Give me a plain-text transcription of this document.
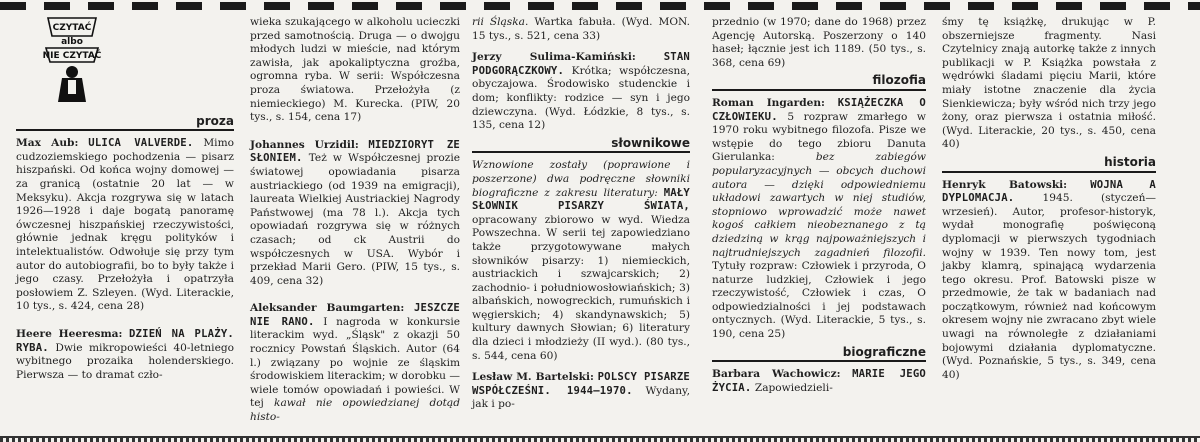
CZYTAĆ
albo
NIE CZYTAĆ
proza

Max Aub: ULICA VALVERDE. Mimo cudzoziemskiego pochodzenia — pisarz hiszpański. Od końca wojny domowej — za granicą (ostatnie 20 lat — w Meksyku). Akcja rozgrywa się w latach 1926—1928 i daje bogatą panoramę ówczesnej hiszpańskiej rzeczywistości, głównie jednak kręgu polityków i intelektualistów. Odwołuje się przy tym autor do autobiografii, bo to były także i jego czasy. Przełożyła i opatrzyła posłowiem Z. Szleyen. (Wyd. Literackie, 10 tys., s. 424, cena 28)

Heere Heeresma: DZIEŃ NA PLAŻY. RYBA. Dwie mikropowieści 40-letniego wybitnego prozaika holenderskiego. Pierwsza — to dramat czło-

wieka szukającego w alkoholu ucieczki przed samotnością. Druga — o dwojgu młodych ludzi w mieście, nad którym zawisła, jak apokaliptyczna groźba, ogromna ryba. W serii: Współczesna proza światowa. Przełożyła (z niemieckiego) M. Kurecka. (PIW, 20 tys., s. 154, cena 17)

Johannes Urzidil: MIEDZIORYT ZE SŁONIEM. Też w Współczesnej prozie światowej opowiadania pisarza austriackiego (od 1939 na emigracji), laureata Wielkiej Austriackiej Nagrody Państwowej (ma 78 l.). Akcja tych opowiadań rozgrywa się w różnych czasach; od ck Austrii do współczesnych w USA. Wybór i przekład Marii Gero. (PIW, 15 tys., s. 409, cena 32)

Aleksander Baumgarten: JESZCZE NIE RANO. I nagroda w konkursie literackim wyd. „Śląsk" z okazji 50 rocznicy Powstań Śląskich. Autor (64 l.) związany po wojnie ze śląskim środowiskiem literackim; w dorobku — wiele tomów opowiadań i powieści. W tej kawał nie opowiedzianej dotąd histo-

rii Śląska. Wartka fabuła. (Wyd. MON. 15 tys., s. 521, cena 33)

Jerzy Sulima-Kamiński:	STAN PODGORĄCZKOWY. Krótka; współczesna, obyczajowa. Środowisko studenckie i dom; konflikty: rodzice — syn i jego dziewczyna. (Wyd. Łódzkie, 8 tys., s. 135, cena 12)

słownikowe

Wznowione zostały (poprawione i poszerzone) dwa podręczne słowniki biograficzne z zakresu literatury: MAŁY SŁOWNIK PISARZY ŚWIATA, opracowany zbiorowo w wyd. Wiedza Powszechna. W serii tej zapowiedziano także przygotowywane małych słowników pisarzy: 1) niemieckich, austriackich i szwajcarskich; 2) zachodnio- i południowosłowiańskich; 3) albańskich, nowogreckich, rumuńskich i węgierskich; 4) skandynawskich; 5) kultury dawnych Słowian; 6) literatury dla dzieci i młodzieży (II wyd.). (80 tys., s. 544, cena 60)

Lesław M. Bartelski: POLSCY PISARZE WSPÓŁCZEŚNI. 1944—1970. Wydany, jak i po-

przednio (w 1970; dane do 1968) przez Agencję Autorską. Poszerzony o 140 haseł; łącznie jest ich 1189. (50 tys., s. 368, cena 69)

filozofia

Roman Ingarden: KSIĄŻECZKA O CZŁOWIEKU. 5 rozpraw zmarłego w 1970 roku wybitnego filozofa. Pisze we wstępie do tego zbioru Danuta Gierulanka:	bez zabiegów popularyzacyjnych — obcych duchowi autora — dzięki odpowiedniemu układowi zawartych w niej studiów, stopniowo wprowadzić może nawet kogoś całkiem nieobeznanego z tą dziedziną w krąg najpoważniejszych i najtrudniejszych zagadnień filozofii. Tytuły rozpraw: Człowiek i przyroda, O naturze ludzkiej, Człowiek i jego rzeczywistość, Człowiek i czas, O odpowiedzialności i jej podstawach ontycznych. (Wyd. Literackie, 5 tys., s. 190, cena 25)

biograficzne

Barbara Wachowicz: MARIE JEGO ŻYCIA. Zapowiedzieli-

śmy tę książkę, drukując w P. obszerniejsze fragmenty. Nasi Czytelnicy znają autorkę także z innych publikacji w P. Książka powstała z wędrówki śladami pięciu Marii, które miały istotne znaczenie dla życia Sienkiewicza; były wśród nich trzy jego żony, oraz pierwsza i ostatnia miłość. (Wyd. Literackie, 20 tys., s. 450, cena 40)

historia

Henryk Batowski: WOJNA A DYPLOMACJA.	1945. (styczeń—wrzesień). Autor, profesor-historyk, wydał monografię poświęconą dyplomacji w pierwszych tygodniach wojny w 1939. Ten nowy tom, jest jakby klamrą, spinającą wydarzenia tego okresu. Prof. Batowski pisze w przedmowie, że tak w badaniach nad początkowym, również nad końcowym okresem wojny nie zwracano zbyt wiele uwagi na równoległe z działaniami bojowymi działania dyplomatyczne. (Wyd. Poznańskie, 5 tys., s. 349, cena 40)
